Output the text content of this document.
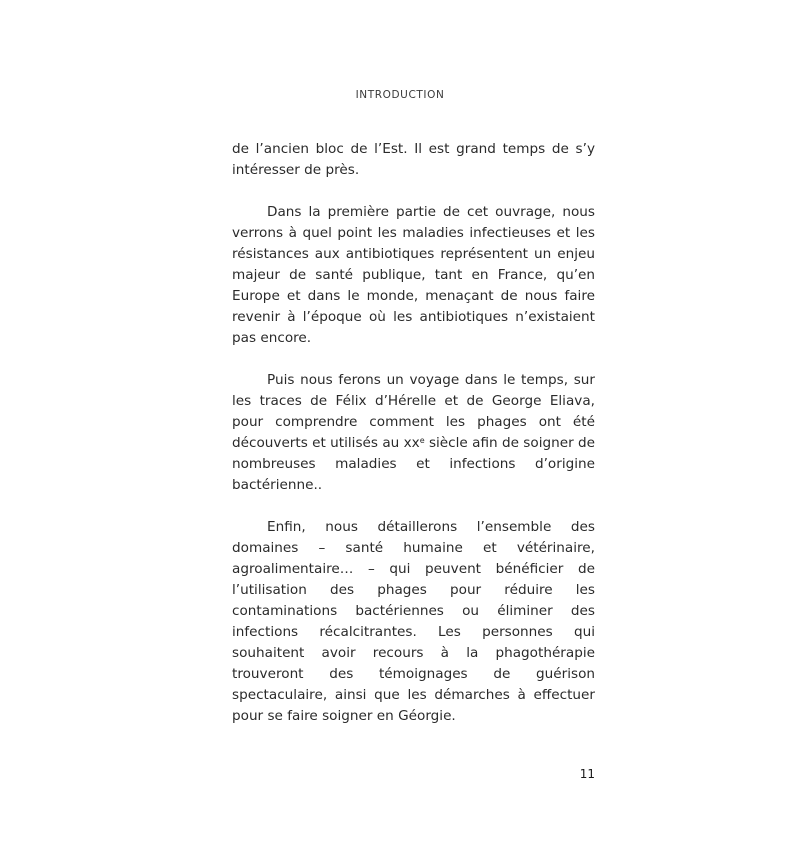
INTRODUCTION

de l’ancien bloc de l’Est. Il est grand temps de s’y intéresser de près.

Dans la première partie de cet ouvrage, nous verrons à quel point les maladies infectieuses et les résistances aux antibiotiques représentent un enjeu majeur de santé publique, tant en France, qu’en Europe et dans le monde, menaçant de nous faire revenir à l’époque où les antibiotiques n’existaient pas encore.

Puis nous ferons un voyage dans le temps, sur les traces de Félix d’Hérelle et de George Eliava, pour comprendre comment les phages ont été découverts et utilisés au $xx^e$ siècle afin de soigner de nombreuses maladies et infections d’origine bactérienne..

Enfin, nous détaillerons l’ensemble des domaines – santé humaine et vétérinaire, agroalimentaire… – qui peuvent bénéficier de l’utilisation des phages pour réduire les contaminations bactériennes ou éliminer des infections récalcitrantes. Les personnes qui souhaitent avoir recours à la phagothérapie trouveront des témoignages de guérison spectaculaire, ainsi que les démarches à effectuer pour se faire soigner en Géorgie.

11
